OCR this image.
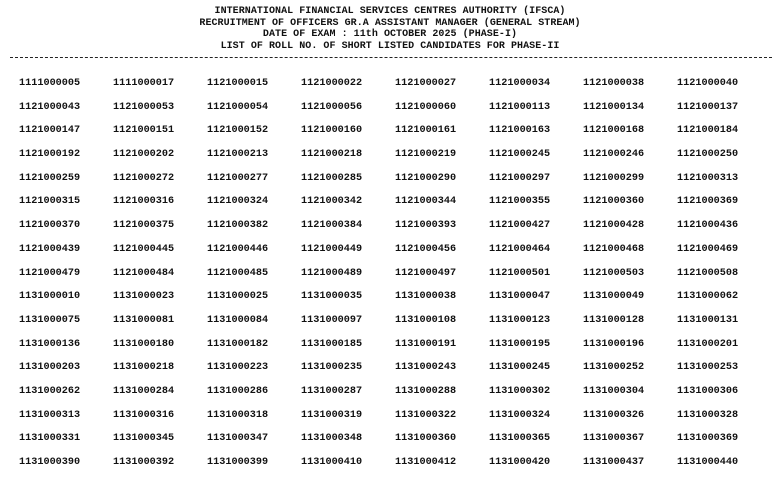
INTERNATIONAL FINANCIAL SERVICES CENTRES AUTHORITY (IFSCA)
RECRUITMENT OF OFFICERS GR.A ASSISTANT MANAGER (GENERAL STREAM)
DATE OF EXAM : 11th OCTOBER 2025 (PHASE-I)
LIST OF ROLL NO. OF SHORT LISTED CANDIDATES FOR PHASE-II
1111000005	1111000017	1121000015	1121000022	1121000027	1121000034	1121000038	1121000040
1121000043	1121000053	1121000054	1121000056	1121000060	1121000113	1121000134	1121000137
1121000147	1121000151	1121000152	1121000160	1121000161	1121000163	1121000168	1121000184
1121000192	1121000202	1121000213	1121000218	1121000219	1121000245	1121000246	1121000250
1121000259	1121000272	1121000277	1121000285	1121000290	1121000297	1121000299	1121000313
1121000315	1121000316	1121000324	1121000342	1121000344	1121000355	1121000360	1121000369
1121000370	1121000375	1121000382	1121000384	1121000393	1121000427	1121000428	1121000436
1121000439	1121000445	1121000446	1121000449	1121000456	1121000464	1121000468	1121000469
1121000479	1121000484	1121000485	1121000489	1121000497	1121000501	1121000503	1121000508
1131000010	1131000023	1131000025	1131000035	1131000038	1131000047	1131000049	1131000062
1131000075	1131000081	1131000084	1131000097	1131000108	1131000123	1131000128	1131000131
1131000136	1131000180	1131000182	1131000185	1131000191	1131000195	1131000196	1131000201
1131000203	1131000218	1131000223	1131000235	1131000243	1131000245	1131000252	1131000253
1131000262	1131000284	1131000286	1131000287	1131000288	1131000302	1131000304	1131000306
1131000313	1131000316	1131000318	1131000319	1131000322	1131000324	1131000326	1131000328
1131000331	1131000345	1131000347	1131000348	1131000360	1131000365	1131000367	1131000369
1131000390	1131000392	1131000399	1131000410	1131000412	1131000420	1131000437	1131000440
